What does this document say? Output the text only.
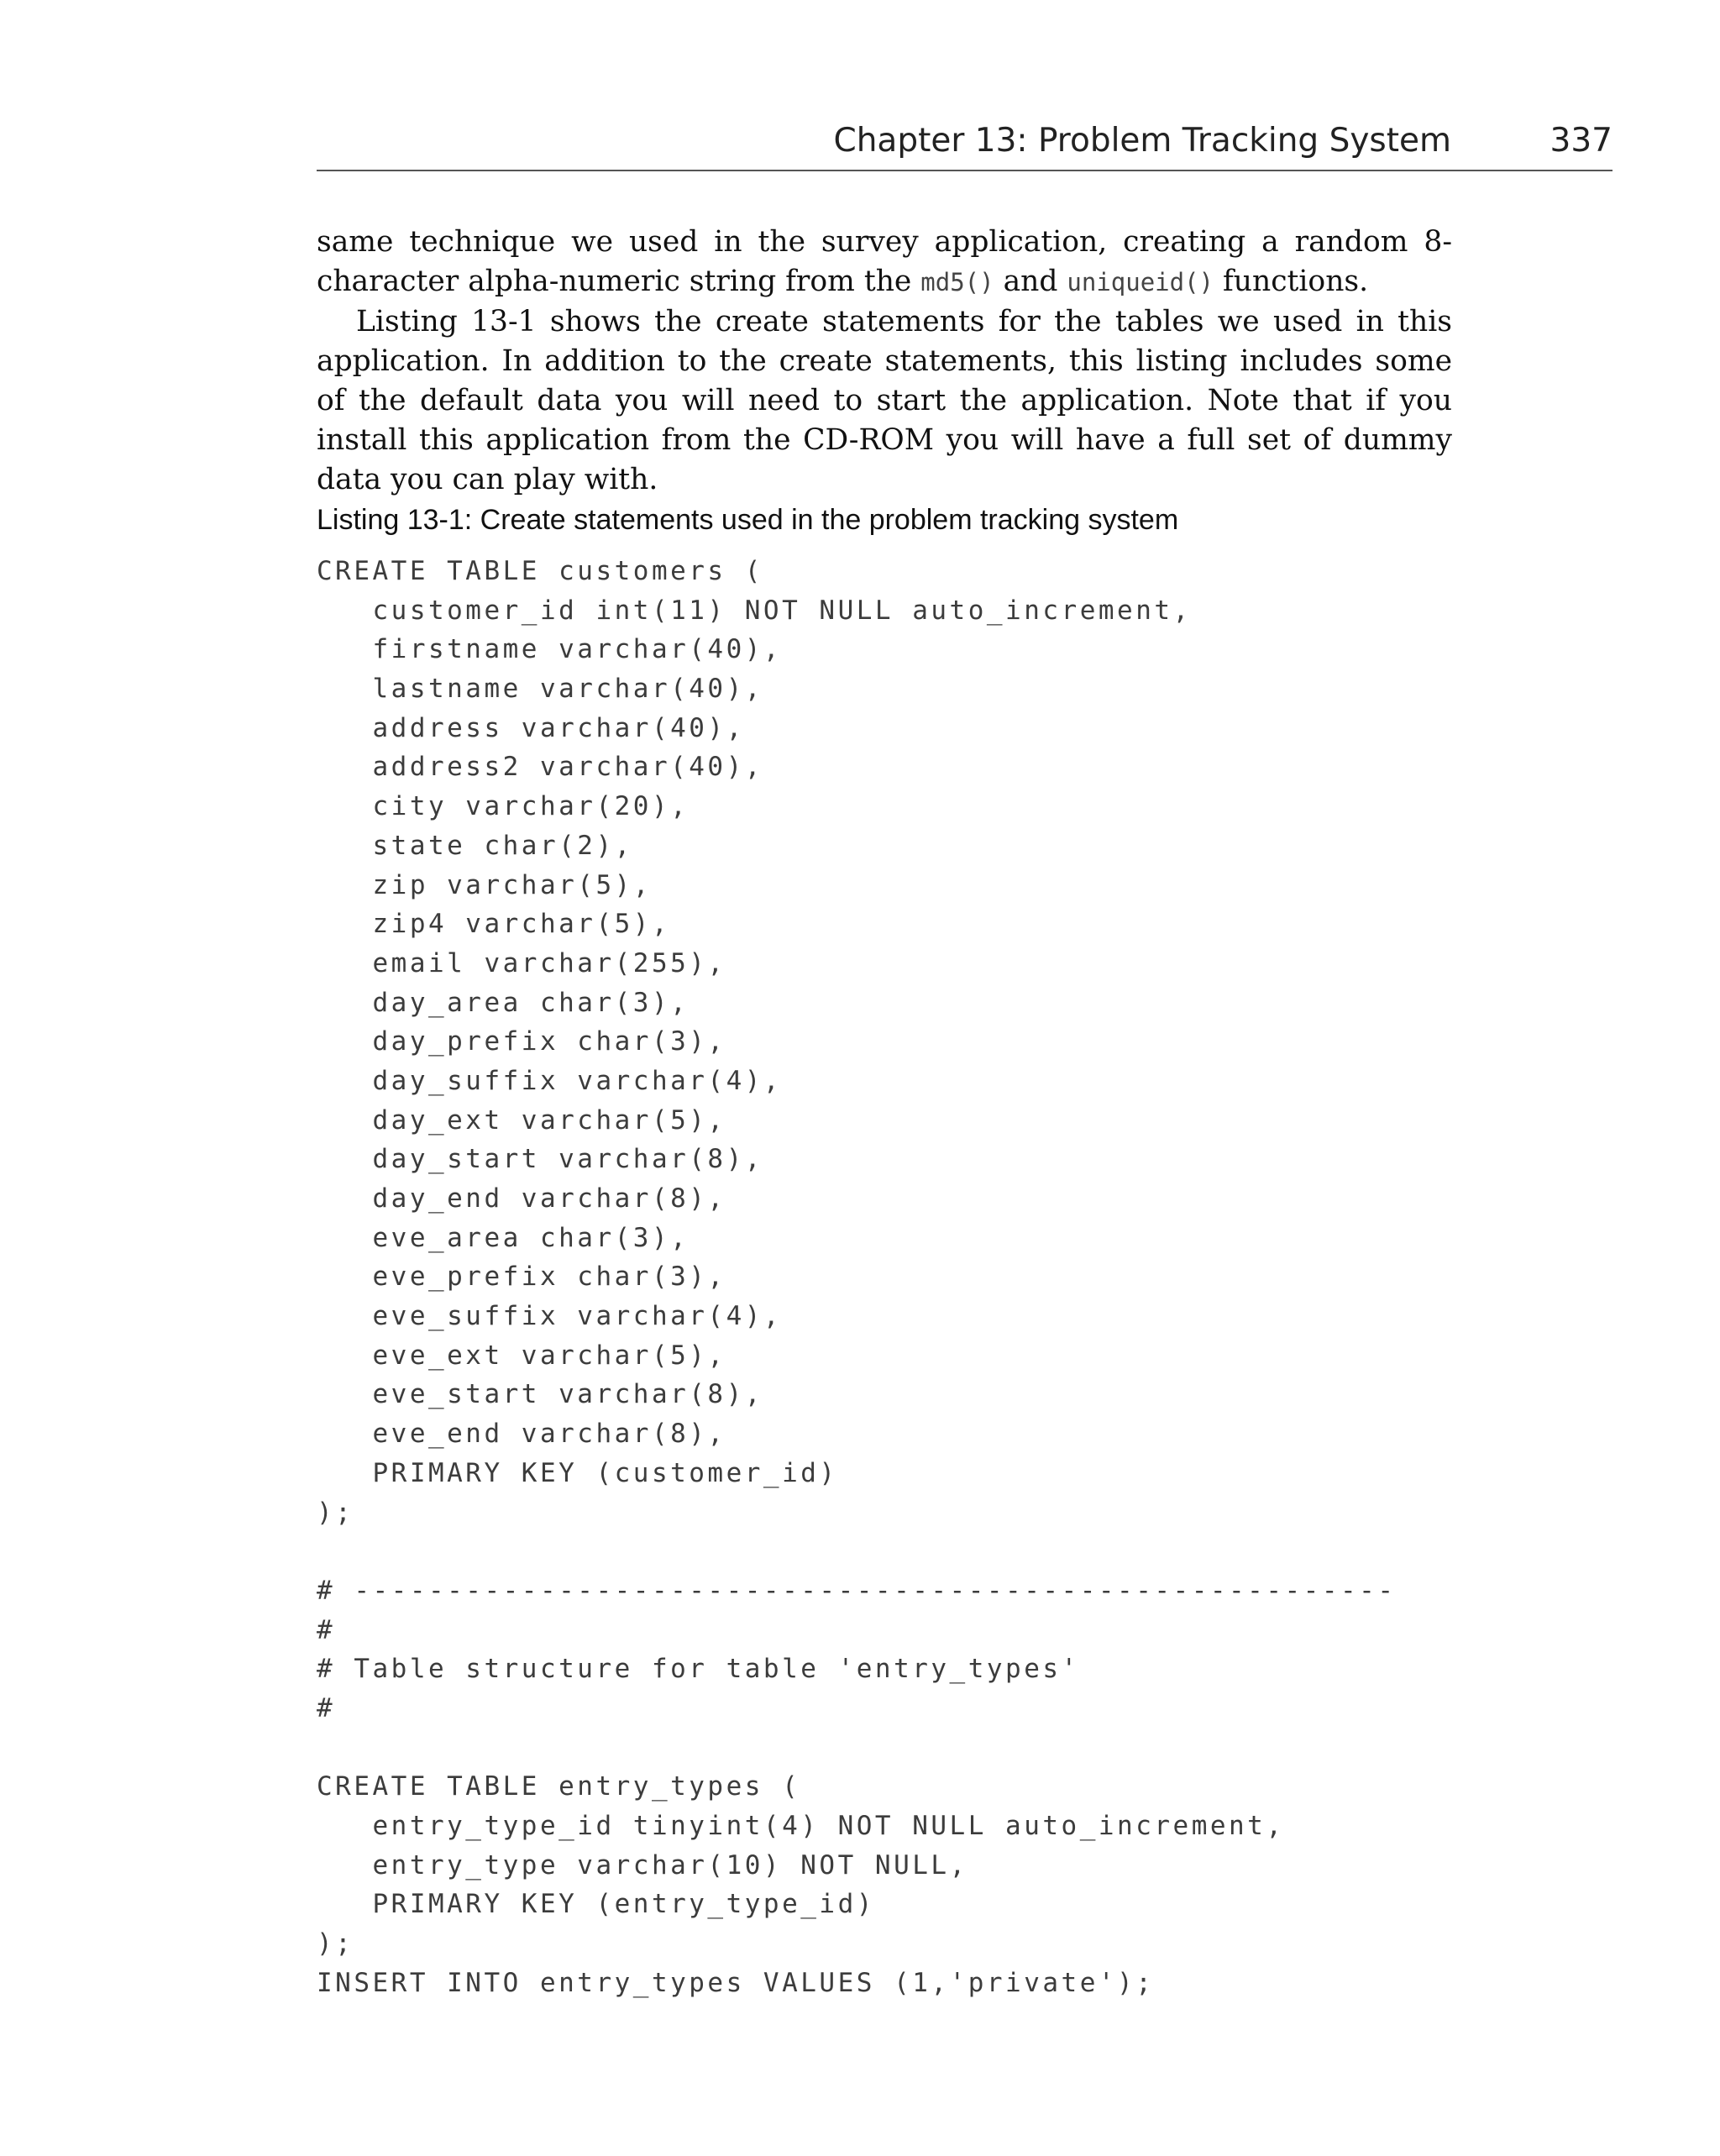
Chapter 13: Problem Tracking System	337

same technique we used in the survey application, creating a random 8-character alpha-numeric string from the md5() and uniqueid() functions.

Listing 13-1 shows the create statements for the tables we used in this application. In addition to the create statements, this listing includes some of the default data you will need to start the application. Note that if you install this application from the CD-ROM you will have a full set of dummy data you can play with.

Listing 13-1: Create statements used in the problem tracking system
CREATE TABLE customers (
customer_id int(11) NOT NULL auto_increment,
firstname varchar(40),
lastname varchar(40),
address varchar(40),
address2 varchar(40),
city varchar(20),
state char(2),
zip varchar(5),
zip4 varchar(5),
email varchar(255),
day_area char(3),
day_prefix char(3),
day_suffix varchar(4),
day_ext varchar(5),
day_start varchar(8),
day_end varchar(8),
eve_area char(3),
eve_prefix char(3),
eve_suffix varchar(4),
eve_ext varchar(5),
eve_start varchar(8),
eve_end varchar(8),
PRIMARY KEY (customer_id)
);
# --------------------------------------------------------
#
# Table structure for table 'entry_types'
#
CREATE TABLE entry_types (
entry_type_id tinyint(4) NOT NULL auto_increment,
entry_type varchar(10) NOT NULL,
PRIMARY KEY (entry_type_id)
);
INSERT INTO entry_types VALUES (1,'private');
